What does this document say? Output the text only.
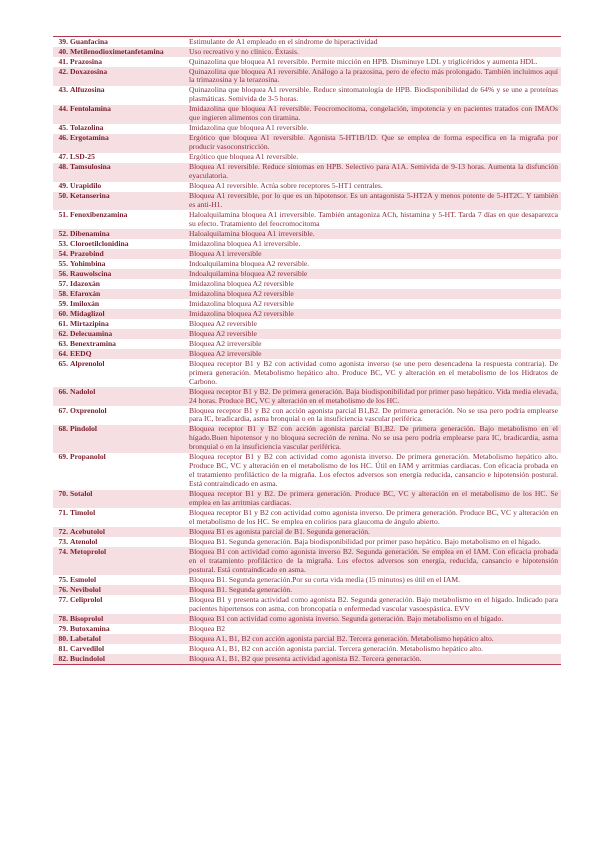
39.	Guanfacina	Estimulante de A1 empleado en el síndrome de hiperactividad
40.	Metilenodioximetanfetamina	Uso recreativo y no clínico. Éxtasis.
41.	Prazosina	Quinazolina que bloquea A1 reversible. Permite micción en HPB. Disminuye LDL y triglicéridos y aumenta HDL.
42.	Doxazosina	Quinazolina que bloquea A1 reversible. Análogo a la prazosina, pero de efecto más prolongado. También incluimos aquí la trimazosina y la terazosina.
43.	Alfuzosina	Quinazolina que bloquea A1 reversible. Reduce sintomatología de HPB. Biodisponibilidad de 64% y se une a proteínas plasmáticas. Semivida de 3-5 horas.
44.	Fentolamina	Imidazolina que bloquea A1 reversible. Feocromocitoma, congelación, impotencia y en pacientes tratados con IMAOs que ingieren alimentos con tiramina.
45.	Tolazolina	Imidazolina que bloquea A1 reversible.
46.	Ergotamina	Ergótico que bloquea A1 reversible. Agonista 5-HT1B/1D. Que se emplea de forma específica en la migraña por producir vasoconstricción.
47.	LSD-25	Ergótico que bloquea A1 reversible.
48.	Tamsulosina	Bloquea A1 reversible. Reduce síntomas en HPB. Selectivo para A1A. Semivida de 9-13 horas. Aumenta la disfunción eyaculatoria.
49.	Urapidilo	Bloquea A1 reversible. Actúa sobre receptores 5-HT1 centrales.
50.	Ketanserina	Bloquea A1 reversible, por lo que es un hipotensor. Es un antagonista 5-HT2A y menos potente de 5-HT2C. Y también es anti-H1.
51.	Fenoxibenzamina	Haloalquilamina bloquea A1 irreversible. También antagoniza ACh, histamina y 5-HT. Tarda 7 días en que desaparezca su efecto. Tratamiento del feocromocitoma
52.	Dibenamina	Haloalquilamina bloquea A1 irreversible.
53.	Cloroetilclonidina	Imidazolina bloquea A1 irreversible.
54.	Prazobind	Bloquea A1 irreversible
55.	Yohimbina	Indoalquilamina bloquea A2 reversible.
56.	Rauwolscina	Indoalquilamina bloquea A2 reversible
57.	Idazoxán	Imidazolina bloquea A2 reversible
58.	Efaroxán	Imidazolina bloquea A2 reversible
59.	Imiloxán	Imidazolina bloquea A2 reversible
60.	Midaglizol	Imidazolina bloquea A2 reversible
61.	Mirtazipina	Bloquea A2 reversible
62.	Delecuamina	Bloquea A2 reversible
63.	Benextramina	Bloquea A2 irreversible
64.	EEDQ	Bloquea A2 irreversible
65.	Alprenolol	Bloquea receptor B1 y B2 con actividad como agonista inverso (se une pero desencadena la respuesta contraria). De primera generación. Metabolismo hepático alto. Produce BC, VC y alteración en el metabolismo de los Hidratos de Carbono.
66.	Nadolol	Bloquea receptor B1 y B2. De primera generación. Baja biodisponibilidad por primer paso hepático. Vida media elevada, 24 horas. Produce BC, VC y alteración en el metabolismo de los HC.
67.	Oxprenolol	Bloquea receptor B1 y B2 con acción agonista parcial B1,B2. De primera generación. No se usa pero podría emplearse para IC, bradicardia, asma bronquial o en la insuficiencia vascular periférica.
68.	Pindolol	Bloquea receptor B1 y B2 con acción agonista parcial B1,B2. De primera generación. Bajo metabolismo en el hígado.Buen hipotensor y no bloquea secreción de renina. No se usa pero podría emplearse para IC, bradicardia, asma bronquial o en la insuficiencia vascular periférica.
69.	Propanolol	Bloquea receptor B1 y B2 con actividad como agonista inverso. De primera generación. Metabolismo hepático alto. Produce BC, VC y alteración en el metabolismo de los HC. Útil en IAM y arritmias cardiacas. Con eficacia probada en el tratamiento profiláctico de la migraña. Los efectos adversos son energía reducida, cansancio e hipotensión postural. Está contraindicado en asma.
70.	Sotalol	Bloquea receptor B1 y B2. De primera generación. Produce BC, VC y alteración en el metabolismo de los HC. Se emplea en las arritmias cardiacas.
71.	Timolol	Bloquea receptor B1 y B2 con actividad como agonista inverso. De primera generación. Produce BC, VC y alteración en el metabolismo de los HC. Se emplea en colirios para glaucoma de ángulo abierto.
72.	Acebutolol	Bloquea B1 es agonista parcial de B1. Segunda generación.
73.	Atenolol	Bloquea B1. Segunda generación. Baja biodisponibilidad por primer paso hepático. Bajo metabolismo en el hígado.
74.	Metoprolol	Bloquea B1 con actividad como agonista inverso B2. Segunda generación. Se emplea en el IAM. Con eficacia probada en el tratamiento profiláctico de la migraña. Los efectos adversos son energía, reducida, cansancio e hipotensión postural. Está contraindicado en asma.
75.	Esmolol	Bloquea B1. Segunda generación.Por su corta vida media (15 minutos) es útil en el IAM.
76.	Nevibolol	Bloquea B1. Segunda generación.
77.	Celiprolol	Bloquea B1 y presenta actividad como agonista B2. Segunda generación. Bajo metabolismo en el hígado. Indicado para pacientes hipertensos con asma, con broncopatía o enfermedad vascular vasoespástica. EVV
78.	Bisoprolol	Bloquea B1 con actividad como agonista inverso. Segunda generación. Bajo metabolismo en el hígado.
79.	Butoxamina	Bloquea B2
80.	Labetalol	Bloquea A1, B1, B2 con acción agonista parcial B2. Tercera generación. Metabolismo hepático alto.
81.	Carvedilol	Bloquea A1, B1, B2 con acción agonista parcial. Tercera generación. Metabolismo hepático alto.
82.	Bucindolol	Bloquea A1, B1, B2 que presenta actividad agonista B2. Tercera generación.
